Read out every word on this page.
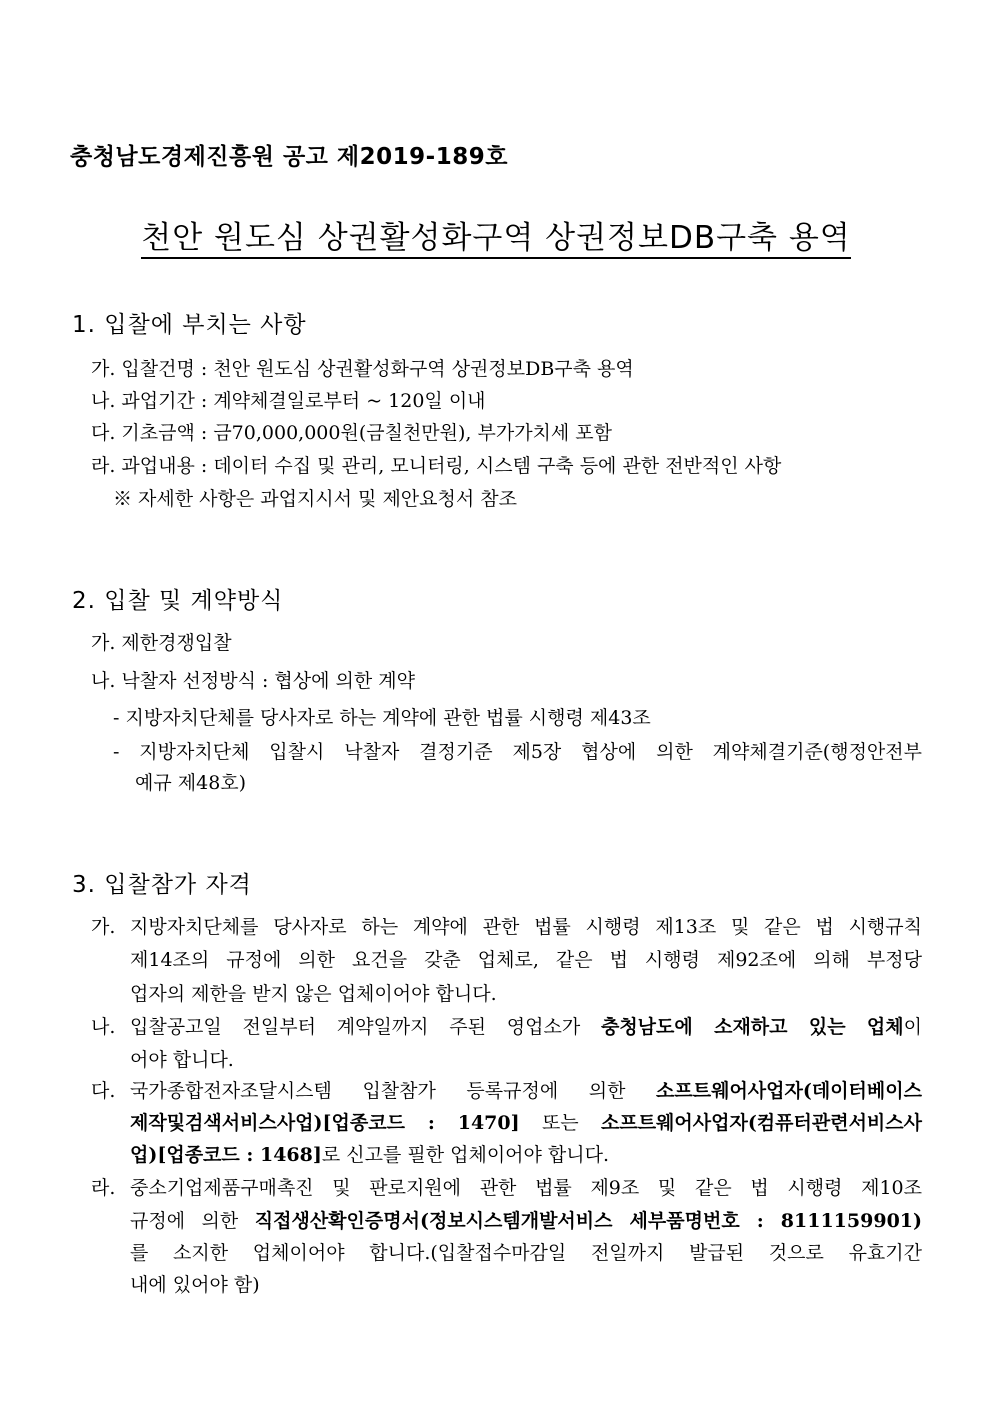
충청남도경제진흥원 공고 제2019-189호
천안 원도심 상권활성화구역 상권정보DB구축 용역
1. 입찰에 부치는 사항
가. 입찰건명 : 천안 원도심 상권활성화구역 상권정보DB구축 용역
나. 과업기간 : 계약체결일로부터 ~ 120일 이내
다. 기초금액 : 금70,000,000원(금칠천만원), 부가가치세 포함
라. 과업내용 : 데이터 수집 및 관리, 모니터링, 시스템 구축 등에 관한 전반적인 사항
※ 자세한 사항은 과업지시서 및 제안요청서 참조
2. 입찰 및 계약방식
가. 제한경쟁입찰
나. 낙찰자 선정방식 : 협상에 의한 계약
- 지방자치단체를 당사자로 하는 계약에 관한 법률 시행령 제43조
- 지방자치단체 입찰시 낙찰자 결정기준 제5장 협상에 의한 계약체결기준(행정안전부
예규 제48호)
3. 입찰참가 자격
가. 지방자치단체를 당사자로 하는 계약에 관한 법률 시행령 제13조 및 같은 법 시행규칙
제14조의 규정에 의한 요건을 갖춘 업체로, 같은 법 시행령 제92조에 의해 부정당
업자의 제한을 받지 않은 업체이어야 합니다.
나. 입찰공고일 전일부터 계약일까지 주된 영업소가 충청남도에 소재하고 있는 업체이
어야 합니다.
다. 국가종합전자조달시스템 입찰참가 등록규정에 의한 소프트웨어사업자(데이터베이스
제작및검색서비스사업)[업종코드 : 1470] 또는 소프트웨어사업자(컴퓨터관련서비스사
업)[업종코드 : 1468]로 신고를 필한 업체이어야 합니다.
라. 중소기업제품구매촉진 및 판로지원에 관한 법률 제9조 및 같은 법 시행령 제10조
규정에 의한 직접생산확인증명서(정보시스템개발서비스 세부품명번호 : 8111159901)
를 소지한 업체이어야 합니다.(입찰접수마감일 전일까지 발급된 것으로 유효기간
내에 있어야 함)
